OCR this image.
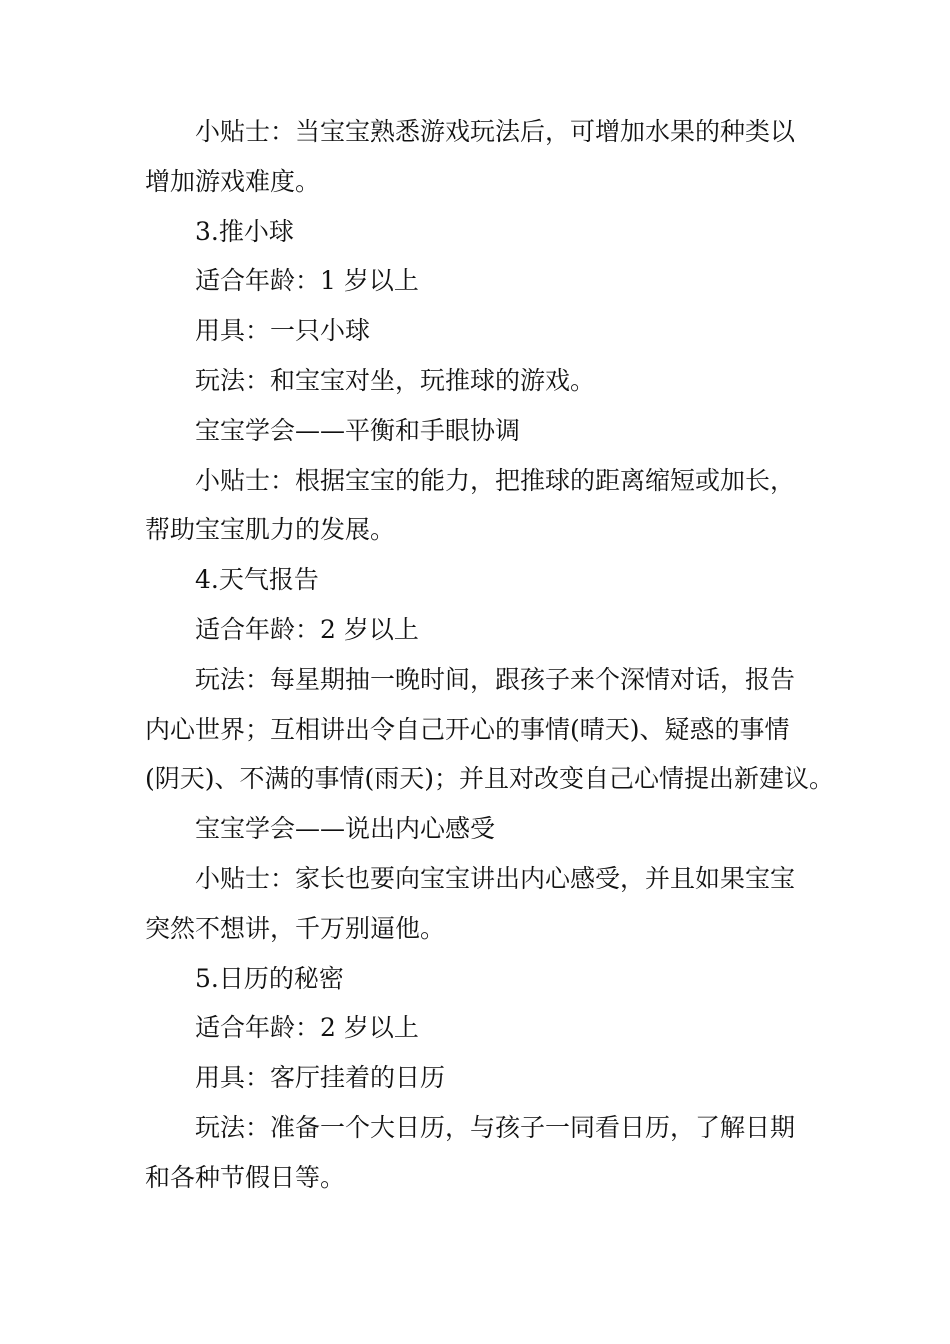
小贴士：当宝宝熟悉游戏玩法后，可增加水果的种类以

增加游戏难度。

3.推小球

适合年龄：1 岁以上

用具：一只小球

玩法：和宝宝对坐，玩推球的游戏。

宝宝学会——平衡和手眼协调

小贴士：根据宝宝的能力，把推球的距离缩短或加长，

帮助宝宝肌力的发展。

4.天气报告

适合年龄：2 岁以上

玩法：每星期抽一晚时间，跟孩子来个深情对话，报告

内心世界；互相讲出令自己开心的事情(晴天)、疑惑的事情

(阴天)、不满的事情(雨天)；并且对改变自己心情提出新建议。

宝宝学会——说出内心感受

小贴士：家长也要向宝宝讲出内心感受，并且如果宝宝

突然不想讲，千万别逼他。

5.日历的秘密

适合年龄：2 岁以上

用具：客厅挂着的日历

玩法：准备一个大日历，与孩子一同看日历，了解日期

和各种节假日等。
